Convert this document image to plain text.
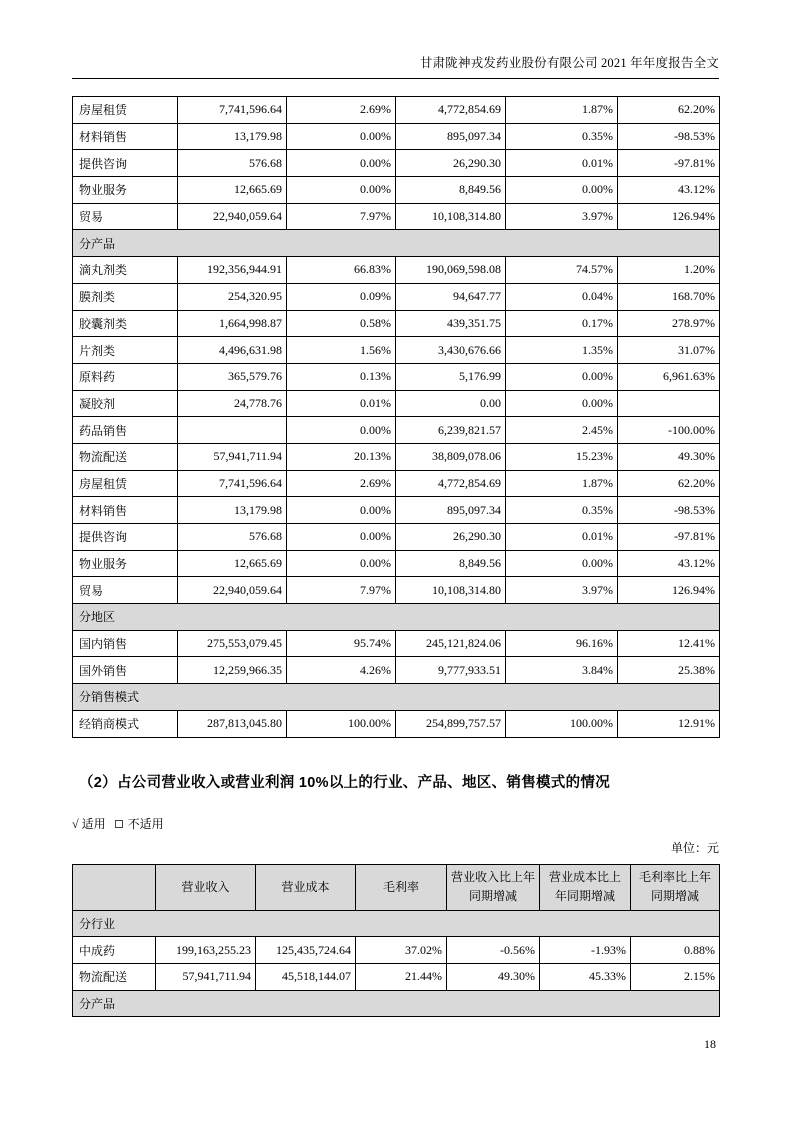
甘肃陇神戎发药业股份有限公司 2021 年年度报告全文
房屋租赁	7,741,596.64	2.69%	4,772,854.69	1.87%	62.20%
材料销售	13,179.98	0.00%	895,097.34	0.35%	-98.53%
提供咨询	576.68	0.00%	26,290.30	0.01%	-97.81%
物业服务	12,665.69	0.00%	8,849.56	0.00%	43.12%
贸易	22,940,059.64	7.97%	10,108,314.80	3.97%	126.94%
分产品					
滴丸剂类	192,356,944.91	66.83%	190,069,598.08	74.57%	1.20%
膜剂类	254,320.95	0.09%	94,647.77	0.04%	168.70%
胶囊剂类	1,664,998.87	0.58%	439,351.75	0.17%	278.97%
片剂类	4,496,631.98	1.56%	3,430,676.66	1.35%	31.07%
原料药	365,579.76	0.13%	5,176.99	0.00%	6,961.63%
凝胶剂	24,778.76	0.01%	0.00	0.00%	
药品销售		0.00%	6,239,821.57	2.45%	-100.00%
物流配送	57,941,711.94	20.13%	38,809,078.06	15.23%	49.30%
房屋租赁	7,741,596.64	2.69%	4,772,854.69	1.87%	62.20%
材料销售	13,179.98	0.00%	895,097.34	0.35%	-98.53%
提供咨询	576.68	0.00%	26,290.30	0.01%	-97.81%
物业服务	12,665.69	0.00%	8,849.56	0.00%	43.12%
贸易	22,940,059.64	7.97%	10,108,314.80	3.97%	126.94%
分地区					
国内销售	275,553,079.45	95.74%	245,121,824.06	96.16%	12.41%
国外销售	12,259,966.35	4.26%	9,777,933.51	3.84%	25.38%
分销售模式					
经销商模式	287,813,045.80	100.00%	254,899,757.57	100.00%	12.91%
（2）占公司营业收入或营业利润 10%以上的行业、产品、地区、销售模式的情况
√ 适用 不适用
单位：元
	营业收入	营业成本	毛利率	营业收入比上年同期增减	营业成本比上年同期增减	毛利率比上年同期增减
分行业						
中成药	199,163,255.23	125,435,724.64	37.02%	-0.56%	-1.93%	0.88%
物流配送	57,941,711.94	45,518,144.07	21.44%	49.30%	45.33%	2.15%
分产品						
18
